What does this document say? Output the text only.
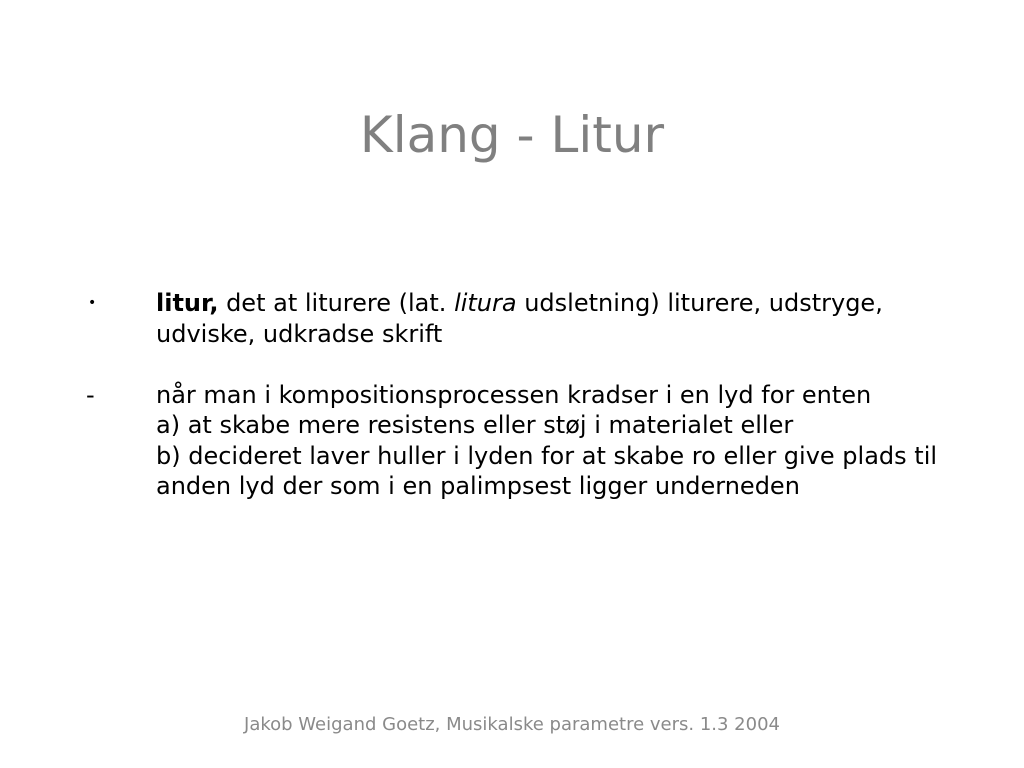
Klang - Litur
•	litur, det at liturere (lat. litura udsletning) liturere, udstryge, udviske, udkradse skrift
-	når man i kompositionsprocessen kradser i en lyd for enten

a) at skabe mere resistens eller støj i materialet eller

b) decideret laver huller i lyden for at skabe ro eller give plads til anden lyd der som i en palimpsest ligger underneden

Jakob Weigand Goetz, Musikalske parametre vers. 1.3 2004
